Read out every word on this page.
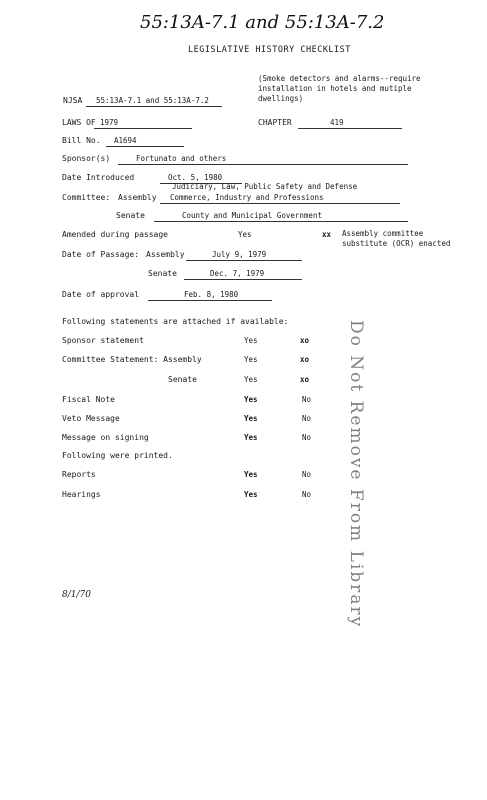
55:13A-7.1 and 55:13A-7.2
LEGISLATIVE HISTORY CHECKLIST
(Smoke detectors and alarms--require installation in hotels and mutiple dwellings)
NJSA 55:13A-7.1 and 55:13A-7.2
LAWS OF 1979	CHAPTER	419
Bill No. A1694
Sponsor(s)	Fortunato and others
Date Introduced	Oct. 5, 1980
Judiciary, Law, Public Safety and Defense
Committee: Assembly Commerce, Industry and Professions
Senate	County and Municipal Government
Amended during passage	Yes	xx Assembly committee substitute (OCR) enacted
Date of Passage: Assembly	July 9, 1979
Senate	Dec. 7, 1979
Date of approval	Feb. 8, 1980
Following statements are attached if available:
Sponsor statement	Yes	xo
Committee Statement: Assembly	Yes	xo
Senate	Yes	xo
Fiscal Note	Yes	No
Veto Message	Yes	No
Message on signing	Yes	No
Following were printed.
Reports	Yes	No
Hearings	Yes	No Do Not Remove From Library
8/1/70
